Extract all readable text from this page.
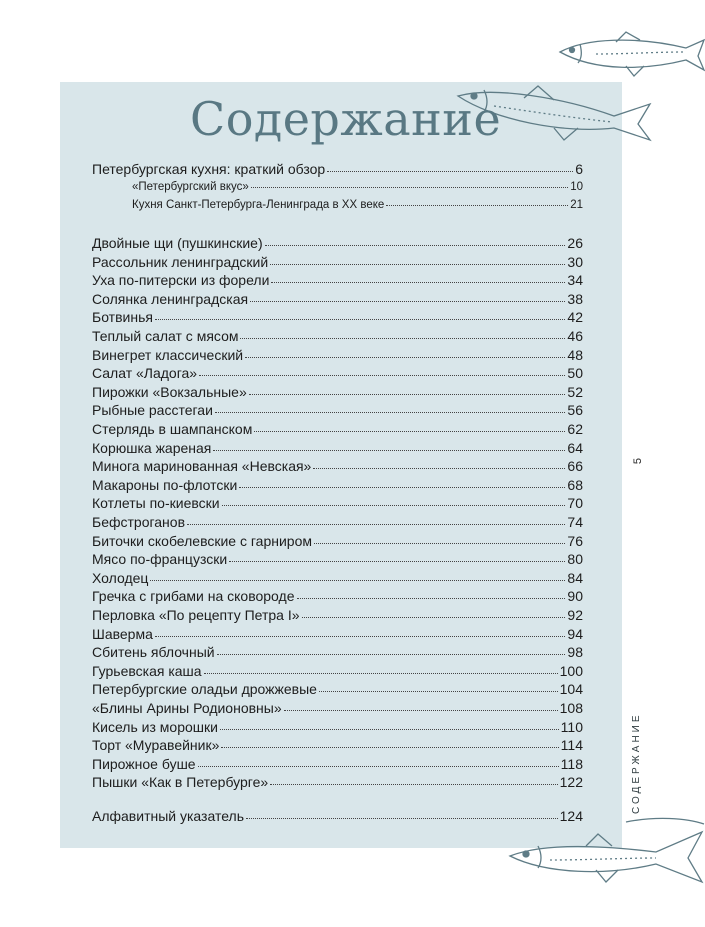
Содержание
Петербургская кухня: краткий обзор	6
«Петербургский вкус»	10
Кухня Санкт-Петербурга-Ленинграда в XX веке	21
Двойные щи (пушкинские)	26
Рассольник ленинградский	30
Уха по-питерски из форели	34
Солянка ленинградская	38
Ботвинья	42
Теплый салат с мясом	46
Винегрет классический	48
Салат «Ладога»	50
Пирожки «Вокзальные»	52
Рыбные расстегаи	56
Стерлядь в шампанском	62
Корюшка жареная	64
Минога маринованная «Невская»	66
Макароны по-флотски	68
Котлеты по-киевски	70
Бефстроганов	74
Биточки скобелевские с гарниром	76
Мясо по-французски	80
Холодец	84
Гречка с грибами на сковороде	90
Перловка «По рецепту Петра I»	92
Шаверма	94
Сбитень яблочный	98
Гурьевская каша	100
Петербургские оладьи дрожжевые	104
«Блины Арины Родионовны»	108
Кисель из морошки	110
Торт «Муравейник»	114
Пирожное буше	118
Пышки «Как в Петербурге»	122
Алфавитный указатель	124
5
СОДЕРЖАНИЕ
